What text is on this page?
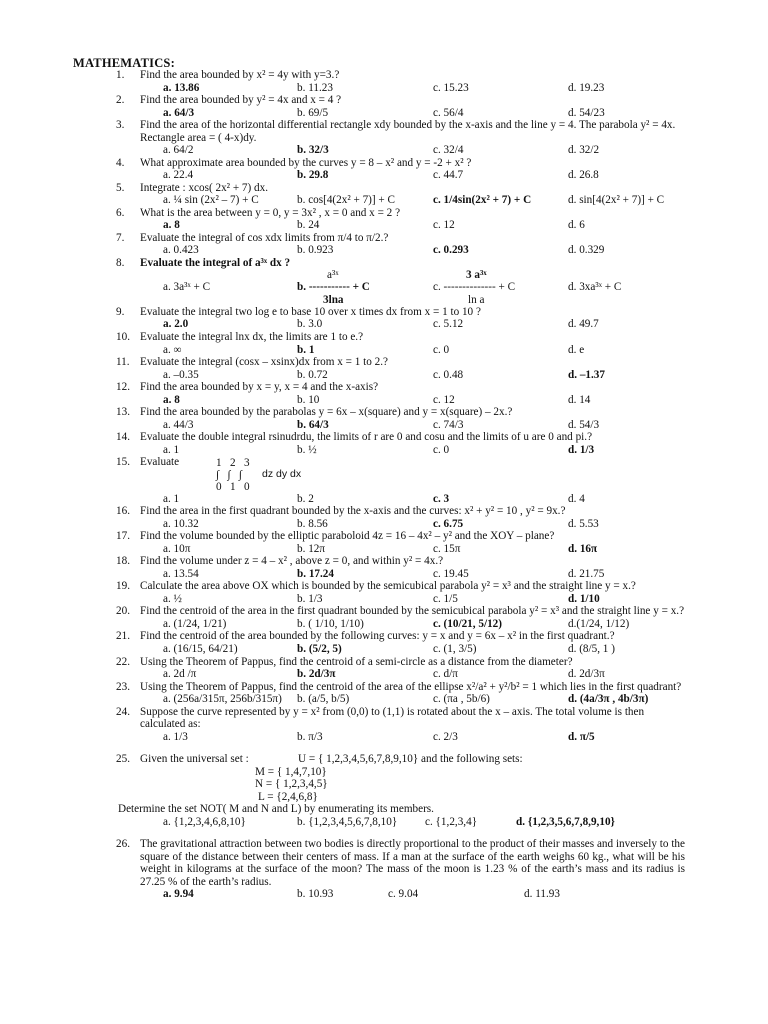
MATHEMATICS:
1.	Find the area bounded by x² = 4y with y=3.?
a. 13.86	b. 11.23	c. 15.23	d. 19.23
2.	Find the area bounded by y² = 4x and x = 4 ?
a. 64/3	b. 69/5	c. 56/4	d. 54/23
3.	Find the area of the horizontal differential rectangle xdy bounded by the x-axis and the line y = 4. The parabola y² = 4x. Rectangle area = ( 4-x)dy.
a. 64/2	b. 32/3	c. 32/4	d. 32/2
4.	What approximate area bounded by the curves y = 8 – x² and y = -2 + x² ?
a. 22.4	b. 29.8	c. 44.7	d. 26.8
5.	Integrate : xcos( 2x² + 7) dx.
a. ¼ sin (2x² – 7) + C	b. cos[4(2x² + 7)] + C	c. 1/4sin(2x² + 7) + C	d. sin[4(2x² + 7)] + C
6.	What is the area between y = 0, y = 3x² , x = 0 and x = 2 ?
a. 8	b. 24	c. 12	d. 6
7.	Evaluate the integral of cos xdx limits from π/4 to π/2.?
a. 0.423	b. 0.923	c. 0.293	d. 0.329
8.	Evaluate the integral of a³ˣ dx ?
a³ˣ	3 a³ˣ
a. 3a³ˣ + C	b. ----------- + C	c. -------------- + C	d. 3xa³ˣ + C
3lna	ln a
9.	Evaluate the integral two log e to base 10 over x times dx from x = 1 to 10 ?
a. 2.0	b. 3.0	c. 5.12	d. 49.7
10. Evaluate the integral lnx dx, the limits are 1 to e.?
a. ∞	b. 1	c. 0	d. e
11. Evaluate the integral (cosx – xsinx)dx from x = 1 to 2.?
a. –0.35	b. 0.72	c. 0.48	d. –1.37
12. Find the area bounded by x = y, x = 4 and the x-axis?
a. 8	b. 10	c. 12	d. 14
13. Find the area bounded by the parabolas y = 6x – x(square) and y = x(square) – 2x.?
a. 44/3	b. 64/3	c. 74/3	d. 54/3
14. Evaluate the double integral rsinudrdu, the limits of r are 0 and cosu and the limits of u are 0 and pi.?
a. 1	b. ½	c. 0	d. 1/3
15. Evaluate	1   2   3
∫   ∫   ∫ dz dy dx
0   1   0
a. 1	b. 2	c. 3	d. 4
16. Find the area in the first quadrant bounded by the x-axis and the curves: x² + y² = 10 , y² = 9x.?
a. 10.32	b. 8.56	c. 6.75	d. 5.53
17. Find the volume bounded by the elliptic paraboloid 4z = 16 – 4x² – y² and the XOY – plane?
a. 10π	b. 12π	c. 15π	d. 16π
18. Find the volume under z = 4 – x² , above z = 0, and within y² = 4x.?
a. 13.54	b. 17.24	c. 19.45	d. 21.75
19. Calculate the area above OX which is bounded by the semicubical parabola y² = x³ and the straight line y = x.?
a. ½	b. 1/3	c. 1/5	d. 1/10
20. Find the centroid of the area in the first quadrant bounded by the semicubical parabola y² = x³ and the straight line y = x.?
a. (1/24, 1/21)	b. ( 1/10, 1/10)	c. (10/21, 5/12)	d.(1/24, 1/12)
21. Find the centroid of the area bounded by the following curves: y = x and y = 6x – x² in the first quadrant.?
a. (16/15, 64/21)	b. (5/2, 5)	c. (1, 3/5)	d. (8/5, 1 )
22. Using the Theorem of Pappus, find the centroid of a semi-circle as a distance from the diameter?
a. 2d /π	b. 2d/3π	c. d/π	d. 2d/3π
23. Using the Theorem of Pappus, find the centroid of the area of the ellipse x²/a² + y²/b² = 1 which lies in the first quadrant?
a. (256a/315π, 256b/315π) b. (a/5, b/5)	c. (πa , 5b/6)	d. (4a/3π , 4b/3π)
24. Suppose the curve represented by y = x² from (0,0) to (1,1) is rotated about the x – axis. The total volume is then calculated as:
a. 1/3	b. π/3	c. 2/3	d. π/5
25. Given the universal set :	U = { 1,2,3,4,5,6,7,8,9,10} and the following sets:
M = { 1,4,7,10}
N = { 1,2,3,4,5}
L = {2,4,6,8}
Determine the set NOT( M and N and L) by enumerating its members.
a. {1,2,3,4,6,8,10}	b. {1,2,3,4,5,6,7,8,10} c. {1,2,3,4}	d. {1,2,3,5,6,7,8,9,10}
26. The gravitational attraction between two bodies is directly proportional to the product of their masses and inversely to the square of the distance between their centers of mass. If a man at the surface of the earth weighs 60 kg., what will be his weight in kilograms at the surface of the moon? The mass of the moon is 1.23 % of the earth’s mass and its radius is 27.25 % of the earth’s radius.
a. 9.94	b. 10.93	c. 9.04	d. 11.93
